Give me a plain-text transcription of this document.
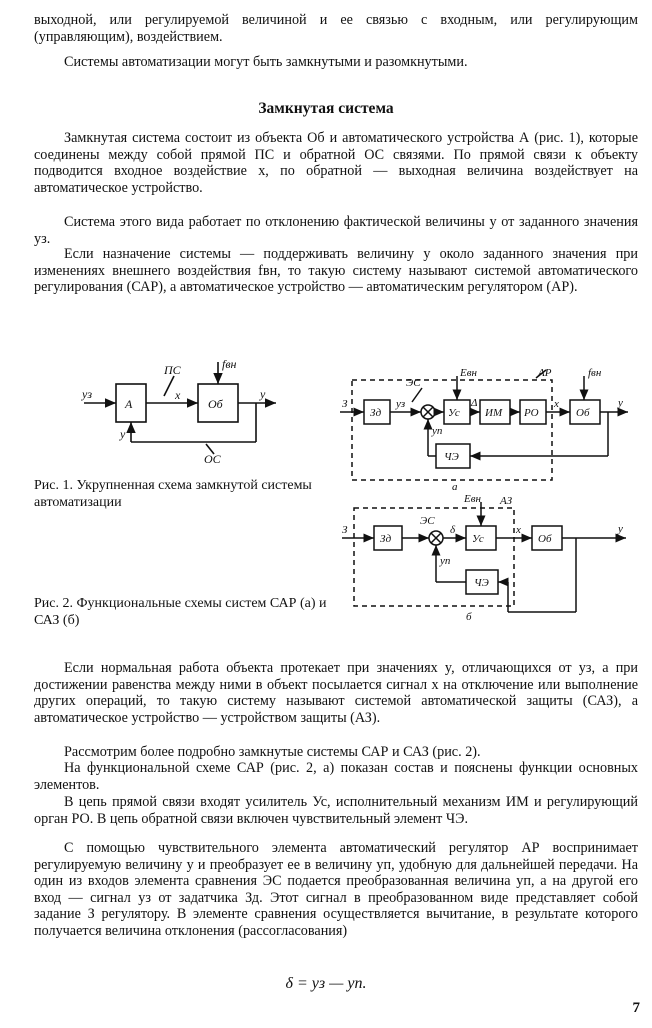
выходной, или регулируемой величиной и ее связью с входным, или регулирующим (управляющим), воздействием.

Системы автоматизации могут быть замкнутыми и разомкнутыми.

Замкнутая система

Замкнутая система состоит из объекта Об и автоматического устройства А (рис. 1), которые соединены между собой прямой ПС и обратной ОС связями. По прямой связи к объекту подводится входное воздействие x, по обратной — выходная величина воздействует на автоматическое устройство.

Система этого вида работает по отклонению фактической величины y от заданного значения yз.

Если назначение системы — поддерживать величину y около заданного значения при изменениях внешнего воздействия fвн, то такую систему называют системой автоматического регулирования (САР), а автоматическое устройство — автоматическим регулятором (АР).

yз
А
ПС
x
Об
fвн
y
y
ОС

Рис. 1. Укрупненная схема замкнутой системы автоматизации

З
Зд
yз
ЭС
Eвн
Ус
Δ
ИМ РО
x
fвн
Об
y
yп
ЧЭ
АР
а
З
Зд
ЭС
δ
Eвн
Ус
x
Об
y
yп
ЧЭ
АЗ
б

Рис. 2. Функциональные схемы систем САР (а) и САЗ (б)

Если нормальная работа объекта протекает при значениях y, отличающихся от yз, а при достижении равенства между ними в объект посылается сигнал x на отключение или выполнение других операций, то такую систему называют системой автоматической защиты (САЗ), а автоматическое устройство — устройством защиты (АЗ).

Рассмотрим более подробно замкнутые системы САР и САЗ (рис. 2).

На функциональной схеме САР (рис. 2, а) показан состав и пояснены функции основных элементов.

В цепь прямой связи входят усилитель Ус, исполнительный механизм ИМ и регулирующий орган РО. В цепь обратной связи включен чувствительный элемент ЧЭ.

С помощью чувствительного элемента автоматический регулятор АР воспринимает регулируемую величину y и преобразует ее в величину yп, удобную для дальнейшей передачи. На один из входов элемента сравнения ЭС подается преобразованная величина yп, а на другой его вход — сигнал yз от задатчика Зд. Этот сигнал в преобразованном виде представляет собой задание З регулятору. В элементе сравнения осуществляется вычитание, в результате которого получается величина отклонения (рассогласования)

δ = yз — yп.
7
